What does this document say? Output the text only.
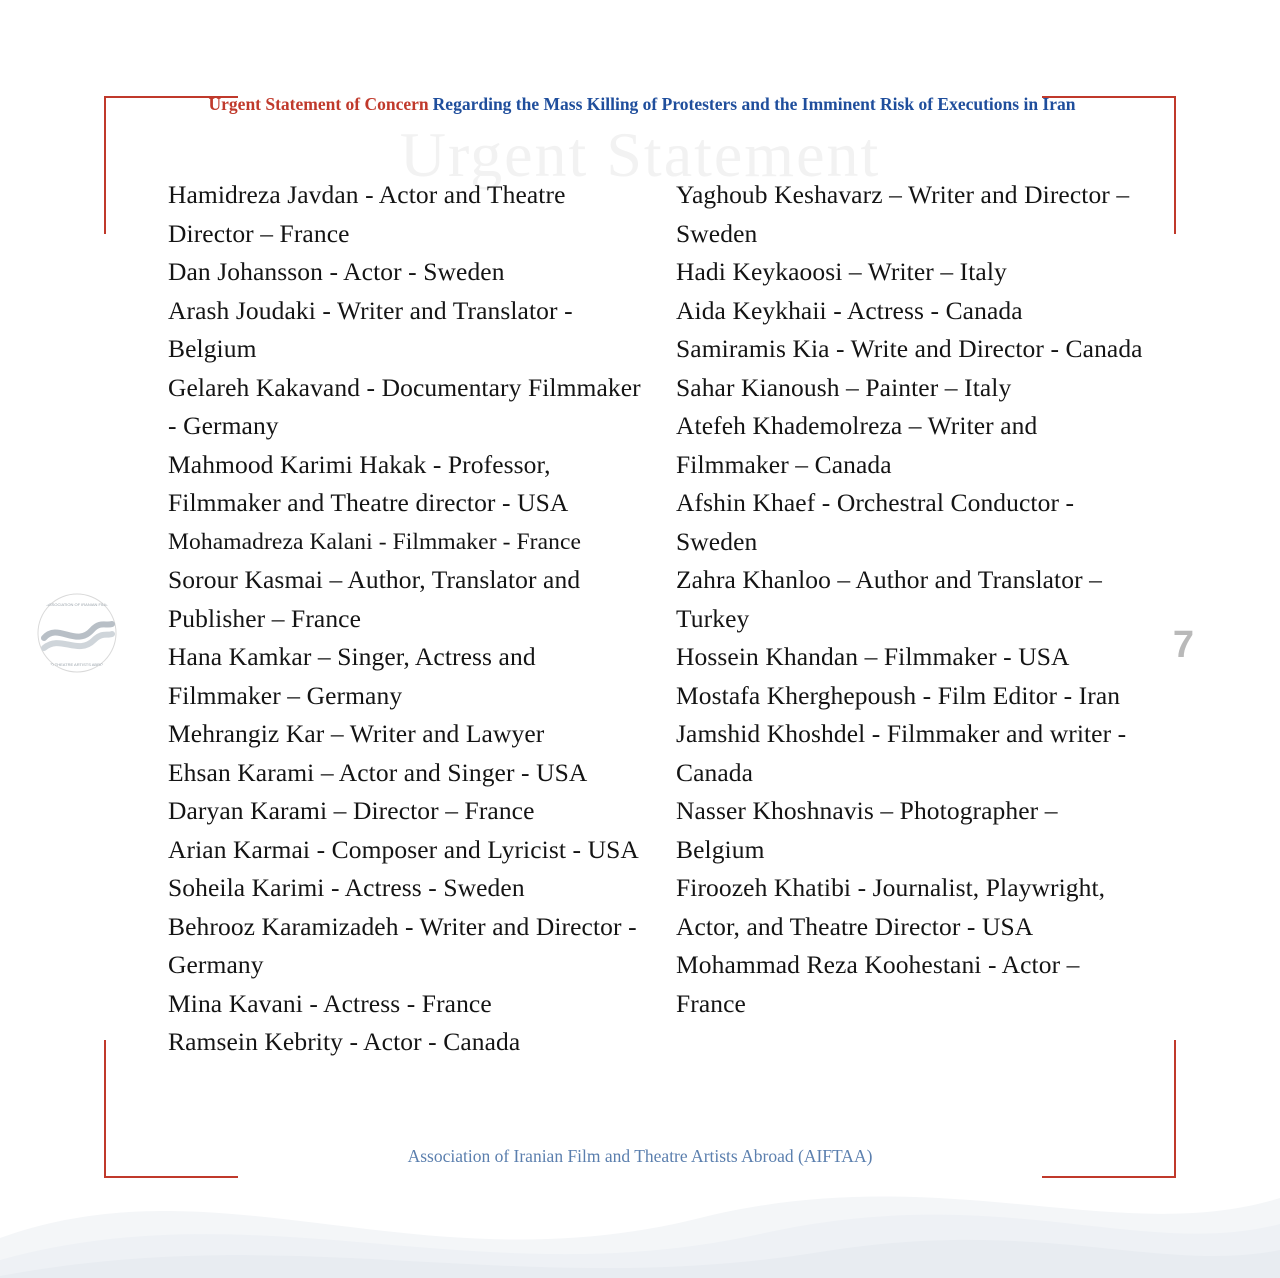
Urgent Statement
Urgent Statement of Concern Regarding the Mass Killing of Protesters and the Imminent Risk of Executions in Iran
ASSOCIATION OF IRANIAN FILM
AND THEATRE ARTISTS ABROAD	7
Hamidreza Javdan - Actor and Theatre Director – France
Dan Johansson - Actor - Sweden
Arash Joudaki - Writer and Translator - Belgium
Gelareh Kakavand - Documentary Filmmaker - Germany
Mahmood Karimi Hakak - Professor, Filmmaker and Theatre director - USA
Mohamadreza Kalani - Filmmaker - France
Sorour Kasmai – Author, Translator and Publisher – France
Hana Kamkar – Singer, Actress and Filmmaker – Germany
Mehrangiz Kar – Writer and Lawyer
Ehsan Karami – Actor and Singer - USA
Daryan Karami – Director – France
Arian Karmai - Composer and Lyricist - USA
Soheila Karimi - Actress - Sweden
Behrooz Karamizadeh - Writer and Director - Germany
Mina Kavani - Actress - France
Ramsein Kebrity - Actor - Canada
Yaghoub Keshavarz – Writer and Director – Sweden
Hadi Keykaoosi – Writer – Italy
Aida Keykhaii - Actress - Canada
Samiramis Kia - Write and Director - Canada
Sahar Kianoush – Painter – Italy
Atefeh Khademolreza – Writer and Filmmaker – Canada
Afshin Khaef - Orchestral Conductor - Sweden
Zahra Khanloo – Author and Translator – Turkey
Hossein Khandan – Filmmaker - USA
Mostafa Kherghepoush - Film Editor - Iran
Jamshid Khoshdel - Filmmaker and writer - Canada
Nasser Khoshnavis – Photographer – Belgium
Firoozeh Khatibi - Journalist, Playwright, Actor, and Theatre Director - USA
Mohammad Reza Koohestani - Actor – France
Association of Iranian Film and Theatre Artists Abroad (AIFTAA)
